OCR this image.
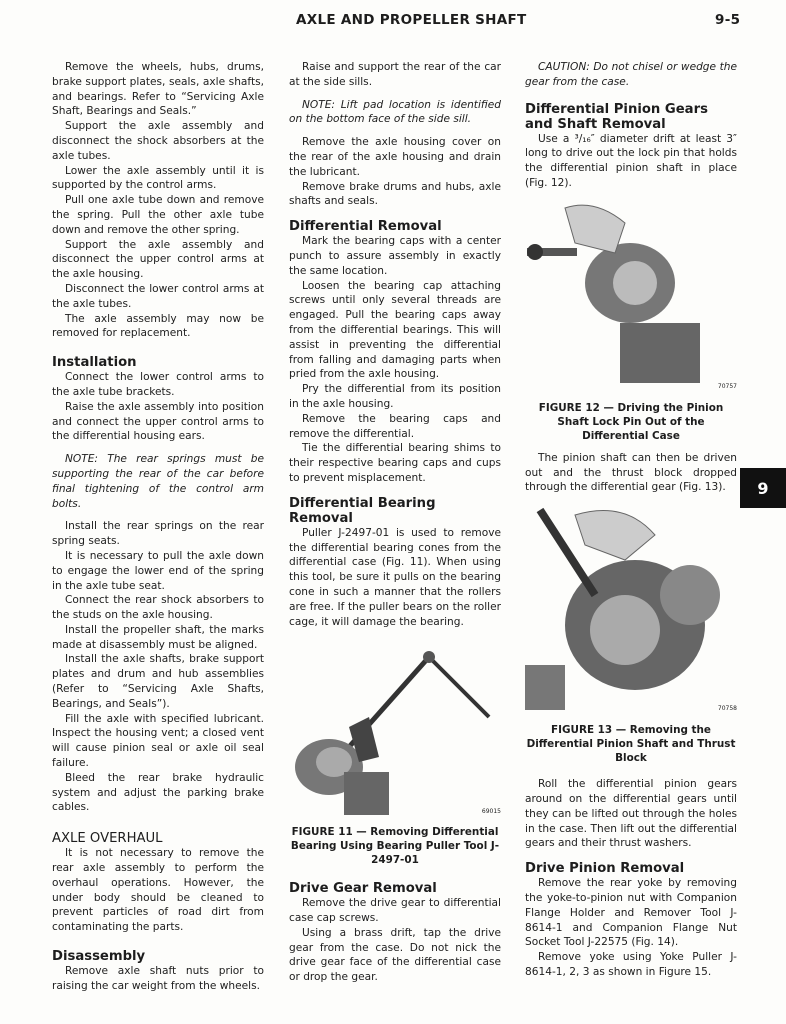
AXLE AND PROPELLER SHAFT	9-5
9

Remove the wheels, hubs, drums, brake support plates, seals, axle shafts, and bearings. Refer to “Servicing Axle Shaft, Bearings and Seals.”

Support the axle assembly and disconnect the shock absorbers at the axle tubes.

Lower the axle assembly until it is supported by the control arms.

Pull one axle tube down and remove the spring. Pull the other axle tube down and remove the other spring.

Support the axle assembly and disconnect the upper control arms at the axle housing.

Disconnect the lower control arms at the axle tubes.

The axle assembly may now be removed for replacement.

Installation

Connect the lower control arms to the axle tube brackets.

Raise the axle assembly into position and connect the upper control arms to the differential housing ears.

NOTE: The rear springs must be supporting the rear of the car before final tightening of the control arm bolts.

Install the rear springs on the rear spring seats.

It is necessary to pull the axle down to engage the lower end of the spring in the axle tube seat.

Connect the rear shock absorbers to the studs on the axle housing.

Install the propeller shaft, the marks made at disassembly must be aligned.

Install the axle shafts, brake support plates and drum and hub assemblies (Refer to “Servicing Axle Shafts, Bearings, and Seals”).

Fill the axle with specified lubricant. Inspect the housing vent; a closed vent will cause pinion seal or axle oil seal failure.

Bleed the rear brake hydraulic system and adjust the parking brake cables.

AXLE OVERHAUL

It is not necessary to remove the rear axle assembly to perform the overhaul operations. However, the under body should be cleaned to prevent particles of road dirt from contaminating the parts.

Disassembly

Remove axle shaft nuts prior to raising the car weight from the wheels.

Raise and support the rear of the car at the side sills.

NOTE: Lift pad location is identified on the bottom face of the side sill.

Remove the axle housing cover on the rear of the axle housing and drain the lubricant.

Remove brake drums and hubs, axle shafts and seals.

Differential Removal

Mark the bearing caps with a center punch to assure assembly in exactly the same location.

Loosen the bearing cap attaching screws until only several threads are engaged. Pull the bearing caps away from the differential bearings. This will assist in preventing the differential from falling and damaging parts when pried from the axle housing.

Pry the differential from its position in the axle housing.

Remove the bearing caps and remove the differential.

Tie the differential bearing shims to their respective bearing caps and cups to prevent misplacement.

Differential Bearing Removal

Puller J-2497-01 is used to remove the differential bearing cones from the differential case (Fig. 11). When using this tool, be sure it pulls on the bearing cone in such a manner that the rollers are free. If the puller bears on the roller cage, it will damage the bearing.

69015
FIGURE 11 — Removing Differential Bearing Using Bearing Puller Tool J-2497-01
Drive Gear Removal

Remove the drive gear to differential case cap screws.

Using a brass drift, tap the drive gear from the case. Do not nick the drive gear face of the differential case or drop the gear.

CAUTION: Do not chisel or wedge the gear from the case.

Differential Pinion Gears and Shaft Removal

Use a ³/₁₆″ diameter drift at least 3″ long to drive out the lock pin that holds the differential pinion shaft in place (Fig. 12).

70757
FIGURE 12 — Driving the Pinion Shaft Lock Pin Out of the Differential Case

The pinion shaft can then be driven out and the thrust block dropped through the differential gear (Fig. 13).

70758
FIGURE 13 — Removing the Differential Pinion Shaft and Thrust Block

Roll the differential pinion gears around on the differential gears until they can be lifted out through the holes in the case. Then lift out the differential gears and their thrust washers.

Drive Pinion Removal

Remove the rear yoke by removing the yoke-to-pinion nut with Companion Flange Holder and Remover Tool J-8614-1 and Companion Flange Nut Socket Tool J-22575 (Fig. 14).

Remove yoke using Yoke Puller J-8614-1, 2, 3 as shown in Figure 15.
